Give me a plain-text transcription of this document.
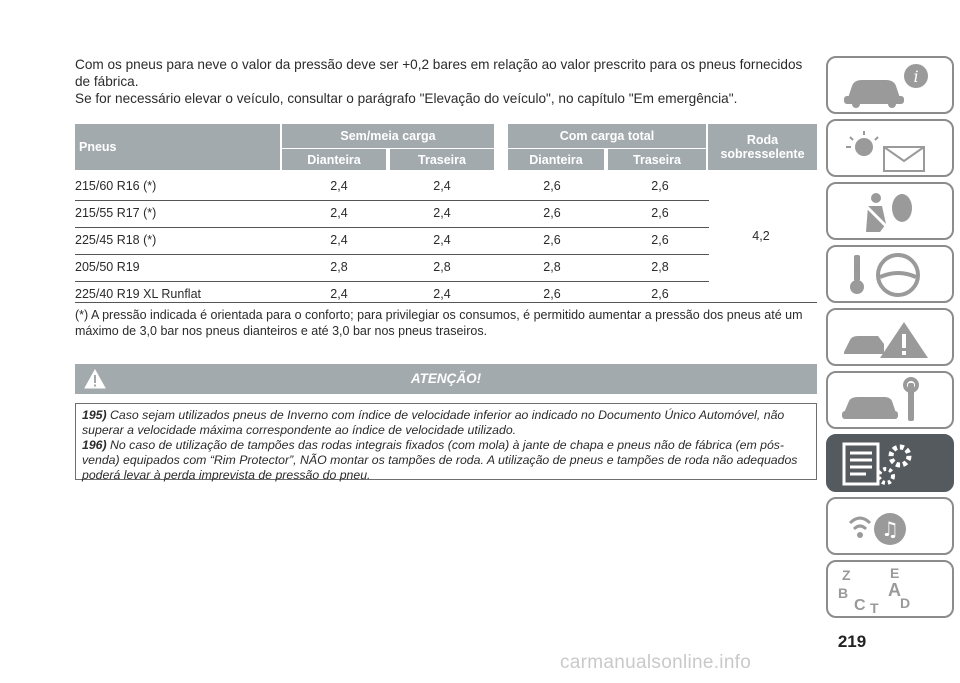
Com os pneus para neve o valor da pressão deve ser +0,2 bares em relação ao valor prescrito para os pneus fornecidos de fábrica.

Se for necessário elevar o veículo, consultar o parágrafo "Elevação do veículo", no capítulo "Em emergência".

Pneus
Sem/meia carga	Com carga total	Roda sobresselente
Dianteira	Traseira	Dianteira	Traseira
215/60 R16 (*)	2,4	2,4	2,6	2,6
215/55 R17 (*)	2,4	2,4	2,6	2,6
225/45 R18 (*)	2,4	2,4	2,6	2,6
205/50 R19	2,8	2,8	2,8	2,8
225/40 R19 XL Runflat	2,4	2,4	2,6	2,6
4,2
(*) A pressão indicada é orientada para o conforto; para privilegiar os consumos, é permitido aumentar a pressão dos pneus até um máximo de 3,0 bar nos pneus dianteiros e até 3,0 bar nos pneus traseiros.
ATENÇÃO!

195) Caso sejam utilizados pneus de Inverno com índice de velocidade inferior ao indicado no Documento Único Automóvel, não superar a velocidade máxima correspondente ao índice de velocidade utilizado.

196) No caso de utilização de tampões das rodas integrais fixados (com mola) à jante de chapa e pneus não de fábrica (em pós-venda) equipados com “Rim Protector”, NÃO montar os tampões de roda. A utilização de pneus e tampões de roda não adequados poderá levar à perda imprevista de pressão do pneu.

i
♫
Z	E
B A
C D
T
219
carmanualsonline.info
